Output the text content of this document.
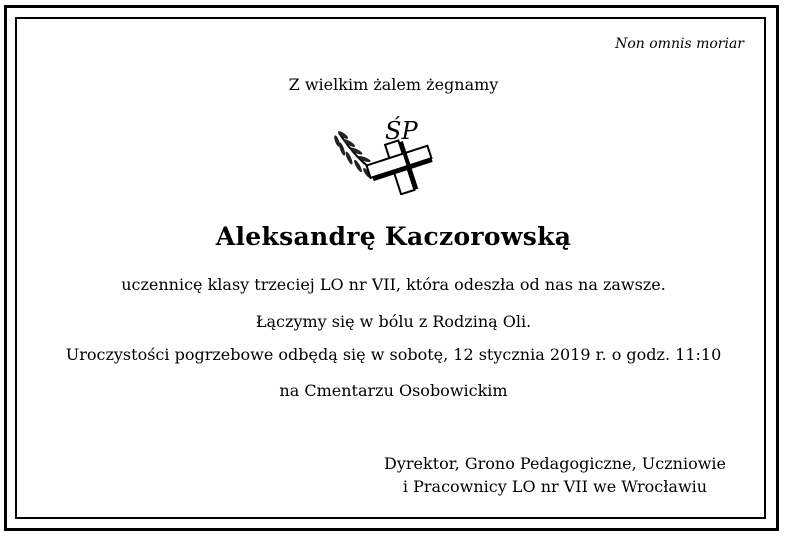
Non omnis moriar
Z wielkim żalem żegnamy
ŚP
Aleksandrę Kaczorowską
uczennicę klasy trzeciej LO nr VII, która odeszła od nas na zawsze.
Łączymy się w bólu z Rodziną Oli.
Uroczystości pogrzebowe odbędą się w sobotę, 12 stycznia 2019 r. o godz. 11:10
na Cmentarzu Osobowickim
Dyrektor, Grono Pedagogiczne, Uczniowie
i Pracownicy LO nr VII we Wrocławiu
